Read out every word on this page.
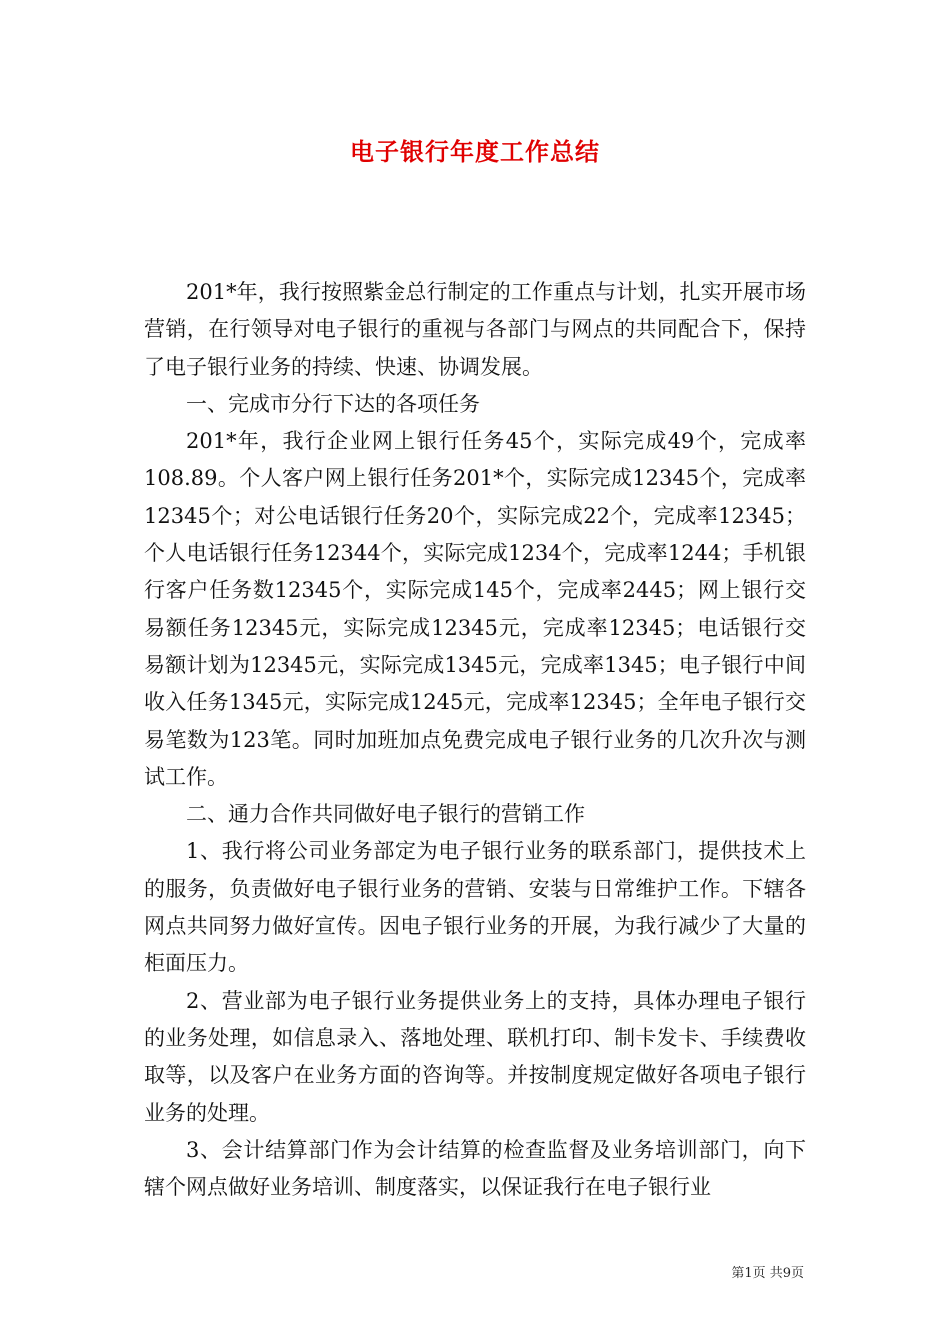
电子银行年度工作总结

201*年，我行按照紫金总行制定的工作重点与计划，扎实开展市场营销，在行领导对电子银行的重视与各部门与网点的共同配合下，保持了电子银行业务的持续、快速、协调发展。

一、完成市分行下达的各项任务

201*年，我行企业网上银行任务45个，实际完成49个，完成率108.89。个人客户网上银行任务201*个，实际完成12345个，完成率12345个；对公电话银行任务20个，实际完成22个，完成率12345；个人电话银行任务12344个，实际完成1234个，完成率1244；手机银行客户任务数12345个，实际完成145个，完成率2445；网上银行交易额任务12345元，实际完成12345元，完成率12345；电话银行交易额计划为12345元，实际完成1345元，完成率1345；电子银行中间收入任务1345元，实际完成1245元，完成率12345；全年电子银行交易笔数为123笔。同时加班加点免费完成电子银行业务的几次升次与测试工作。

二、通力合作共同做好电子银行的营销工作

1、我行将公司业务部定为电子银行业务的联系部门，提供技术上的服务，负责做好电子银行业务的营销、安装与日常维护工作。下辖各网点共同努力做好宣传。因电子银行业务的开展，为我行减少了大量的柜面压力。

2、营业部为电子银行业务提供业务上的支持，具体办理电子银行的业务处理，如信息录入、落地处理、联机打印、制卡发卡、手续费收取等，以及客户在业务方面的咨询等。并按制度规定做好各项电子银行业务的处理。

3、会计结算部门作为会计结算的检查监督及业务培训部门，向下辖个网点做好业务培训、制度落实，以保证我行在电子银行业

第1页 共9页
